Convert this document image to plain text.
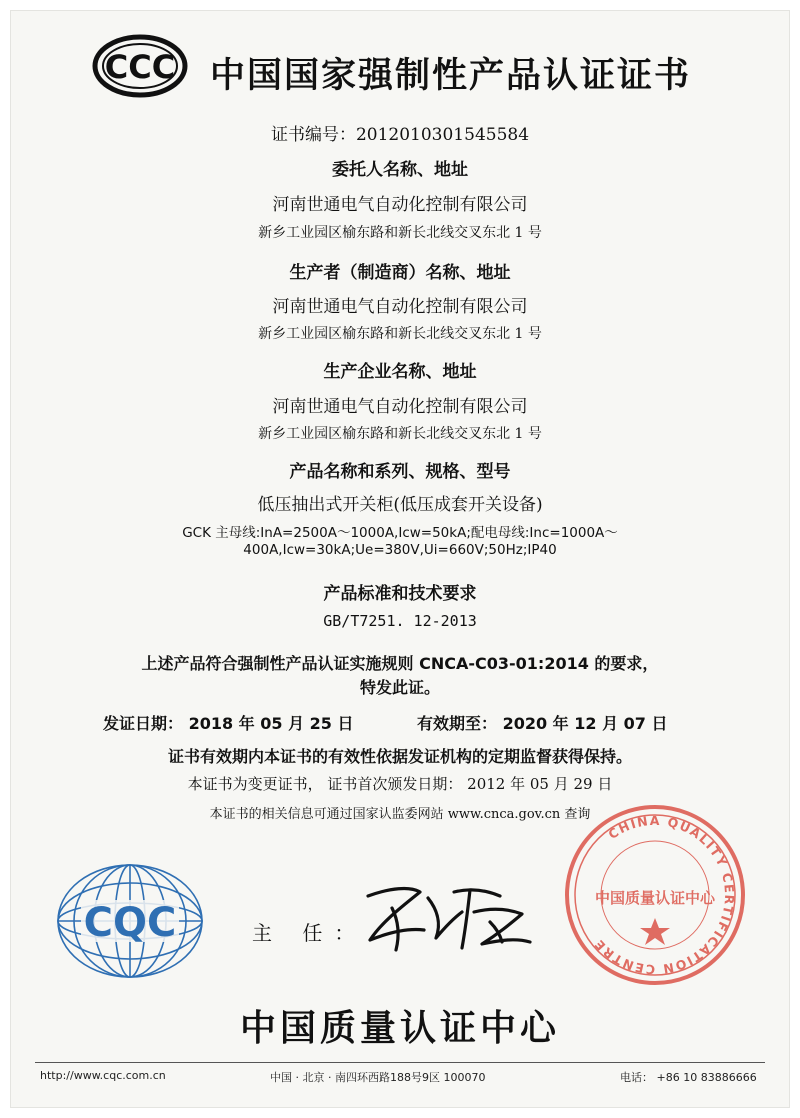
CCC 中国国家强制性产品认证证书
证书编号：2012010301545584
委托人名称、地址
河南世通电气自动化控制有限公司
新乡工业园区榆东路和新长北线交叉东北 1 号
生产者（制造商）名称、地址
河南世通电气自动化控制有限公司
新乡工业园区榆东路和新长北线交叉东北 1 号
生产企业名称、地址
河南世通电气自动化控制有限公司
新乡工业园区榆东路和新长北线交叉东北 1 号
产品名称和系列、规格、型号
低压抽出式开关柜(低压成套开关设备)
GCK 主母线:InA=2500A～1000A,Icw=50kA;配电母线:Inc=1000A～
400A,Icw=30kA;Ue=380V,Ui=660V;50Hz;IP40
产品标准和技术要求
GB/T7251. 12-2013
上述产品符合强制性产品认证实施规则 CNCA-C03-01:2014 的要求，
特发此证。
发证日期： 2018 年 05 月 25 日	有效期至： 2020 年 12 月 07 日
证书有效期内本证书的有效性依据发证机构的定期监督获得保持。
本证书为变更证书， 证书首次颁发日期： 2012 年 05 月 29 日
本证书的相关信息可通过国家认监委网站 www.cnca.gov.cn 查询
CQC	主 任：
CHINA QUALITY CERTIFICATION CENTRE
中国质量认证中心
中国质量认证中心
http://www.cqc.com.cn	中国 · 北京 · 南四环西路188号9区 100070	电话： +86 10 83886666
